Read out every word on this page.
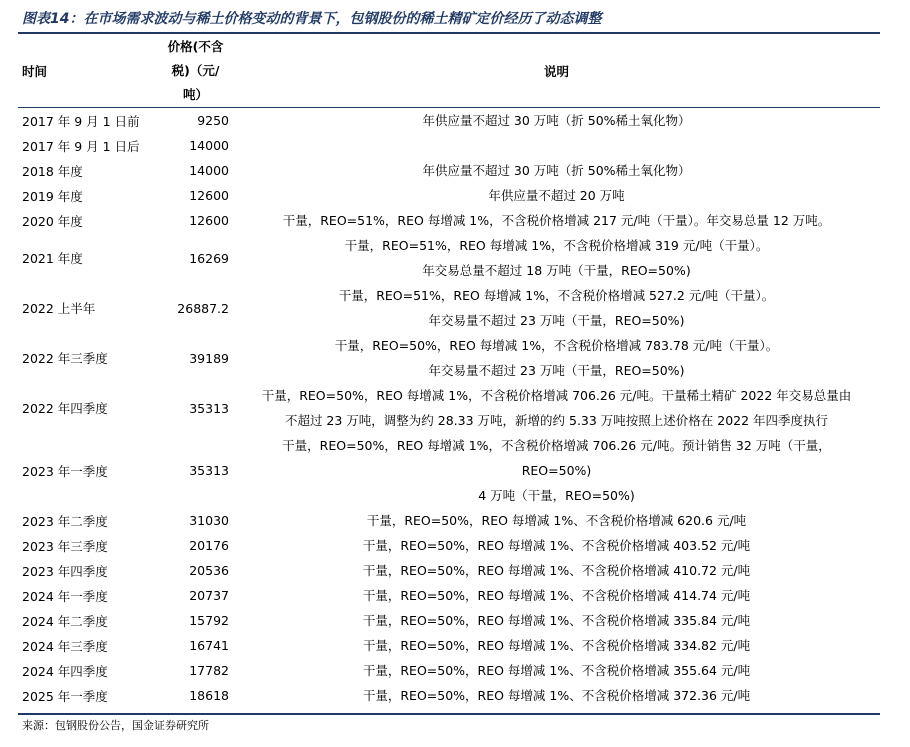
图表14：在市场需求波动与稀土价格变动的背景下，包钢股份的稀土精矿定价经历了动态调整
时间	价格(不含
税)（元/
吨）	说明
2017 年 9 月 1 日前	9250	年供应量不超过 30 万吨（折 50%稀土氧化物）

2017 年 9 月 1 日后	14000	
2018 年度	14000	年供应量不超过 30 万吨（折 50%稀土氧化物）

2019 年度	12600	年供应量不超过 20 万吨

2020 年度	12600	干量，REO=51%，REO 每增减 1%，不含税价格增减 217 元/吨（干量）。年交易总量 12 万吨。

2021 年度	16269	干量，REO=51%，REO 每增减 1%，不含税价格增减 319 元/吨（干量）。
年交易总量不超过 18 万吨（干量，REO=50%)

2022 上半年	26887.2	干量，REO=51%，REO 每增减 1%，不含税价格增减 527.2 元/吨（干量）。
年交易量不超过 23 万吨（干量，REO=50%)

2022 年三季度	39189	干量，REO=50%，REO 每增减 1%，不含税价格增减 783.78 元/吨（干量）。
年交易量不超过 23 万吨（干量，REO=50%)

2022 年四季度	35313	干量，REO=50%，REO 每增减 1%，不含税价格增减 706.26 元/吨。干量稀土精矿 2022 年交易总量由
不超过 23 万吨，调整为约 28.33 万吨，新增的约 5.33 万吨按照上述价格在 2022 年四季度执行

2023 年一季度	35313	干量，REO=50%，REO 每增减 1%，不含税价格增减 706.26 元/吨。预计销售 32 万吨（干量，
REO=50%)
4 万吨（干量，REO=50%)

2023 年二季度	31030	干量，REO=50%，REO 每增减 1%、不含税价格增减 620.6 元/吨

2023 年三季度	20176	干量，REO=50%，REO 每增减 1%、不含税价格增减 403.52 元/吨

2023 年四季度	20536	干量，REO=50%，REO 每增减 1%、不含税价格增减 410.72 元/吨

2024 年一季度	20737	干量，REO=50%，REO 每增减 1%、不含税价格增减 414.74 元/吨

2024 年二季度	15792	干量，REO=50%，REO 每增减 1%、不含税价格增减 335.84 元/吨

2024 年三季度	16741	干量，REO=50%，REO 每增减 1%、不含税价格增减 334.82 元/吨

2024 年四季度	17782	干量，REO=50%，REO 每增减 1%、不含税价格增减 355.64 元/吨

2025 年一季度	18618	干量，REO=50%，REO 每增减 1%、不含税价格增减 372.36 元/吨
来源：包钢股份公告，国金证券研究所
